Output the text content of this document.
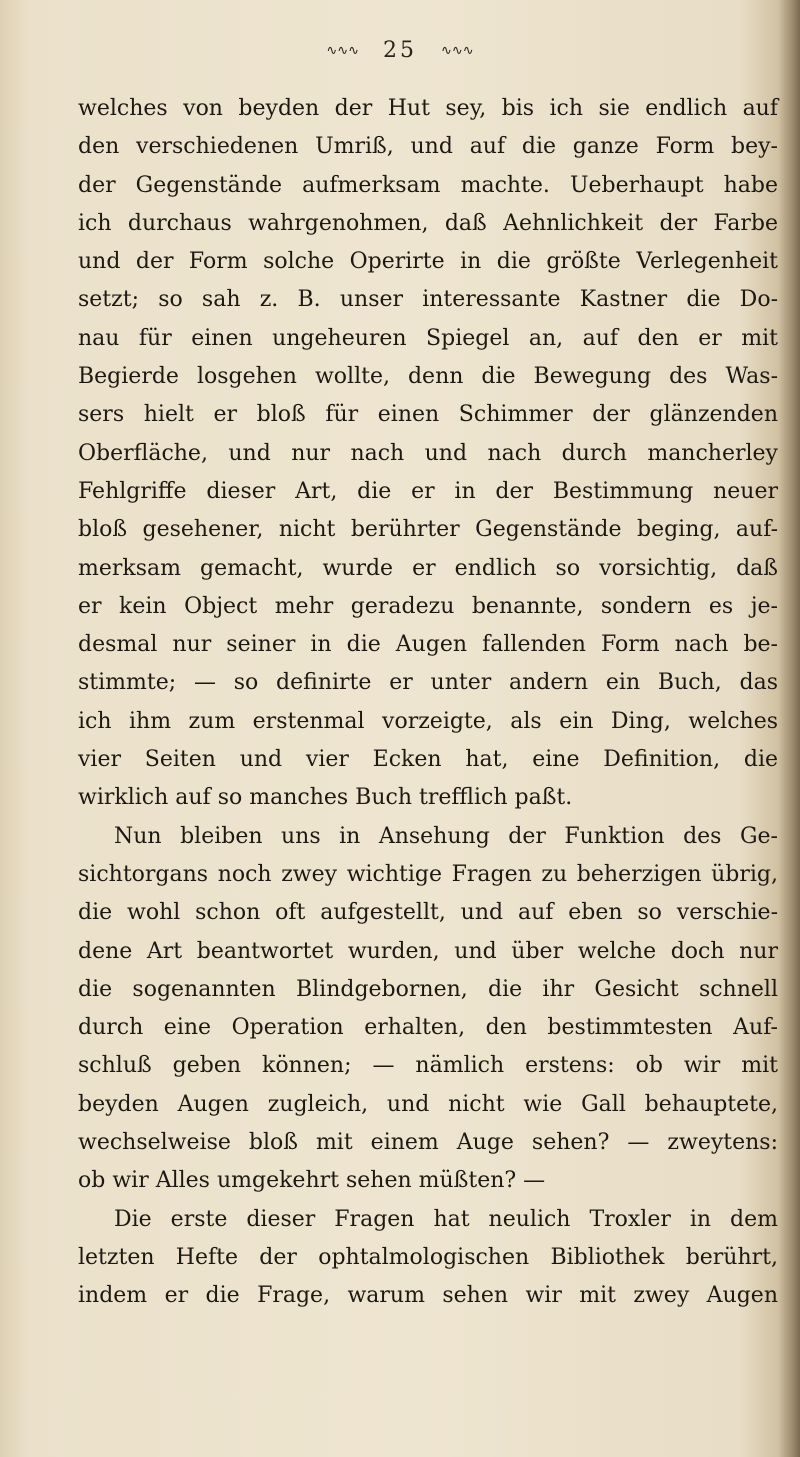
∿∿∿ 25 ∿∿∿
welches von beyden der Hut sey, bis ich sie endlich auf
den verschiedenen Umriß, und auf die ganze Form bey-
der Gegenstände aufmerksam machte. Ueberhaupt habe
ich durchaus wahrgenohmen, daß Aehnlichkeit der Farbe
und der Form solche Operirte in die größte Verlegenheit
setzt; so sah z. B. unser interessante Kastner die Do-
nau für einen ungeheuren Spiegel an, auf den er mit
Begierde losgehen wollte, denn die Bewegung des Was-
sers hielt er bloß für einen Schimmer der glänzenden
Oberfläche, und nur nach und nach durch mancherley
Fehlgriffe dieser Art, die er in der Bestimmung neuer
bloß gesehener, nicht berührter Gegenstände beging, auf-
merksam gemacht, wurde er endlich so vorsichtig, daß
er kein Object mehr geradezu benannte, sondern es je-
desmal nur seiner in die Augen fallenden Form nach be-
stimmte; — so definirte er unter andern ein Buch, das
ich ihm zum erstenmal vorzeigte, als ein Ding, welches
vier Seiten und vier Ecken hat, eine Definition, die
wirklich auf so manches Buch trefflich paßt.
Nun bleiben uns in Ansehung der Funktion des Ge-
sichtorgans noch zwey wichtige Fragen zu beherzigen übrig,
die wohl schon oft aufgestellt, und auf eben so verschie-
dene Art beantwortet wurden, und über welche doch nur
die sogenannten Blindgebornen, die ihr Gesicht schnell
durch eine Operation erhalten, den bestimmtesten Auf-
schluß geben können; — nämlich erstens: ob wir mit
beyden Augen zugleich, und nicht wie Gall behauptete,
wechselweise bloß mit einem Auge sehen? — zweytens:
ob wir Alles umgekehrt sehen müßten? —
Die erste dieser Fragen hat neulich Troxler in dem
letzten Hefte der ophtalmologischen Bibliothek berührt,
indem er die Frage, warum sehen wir mit zwey Augen
